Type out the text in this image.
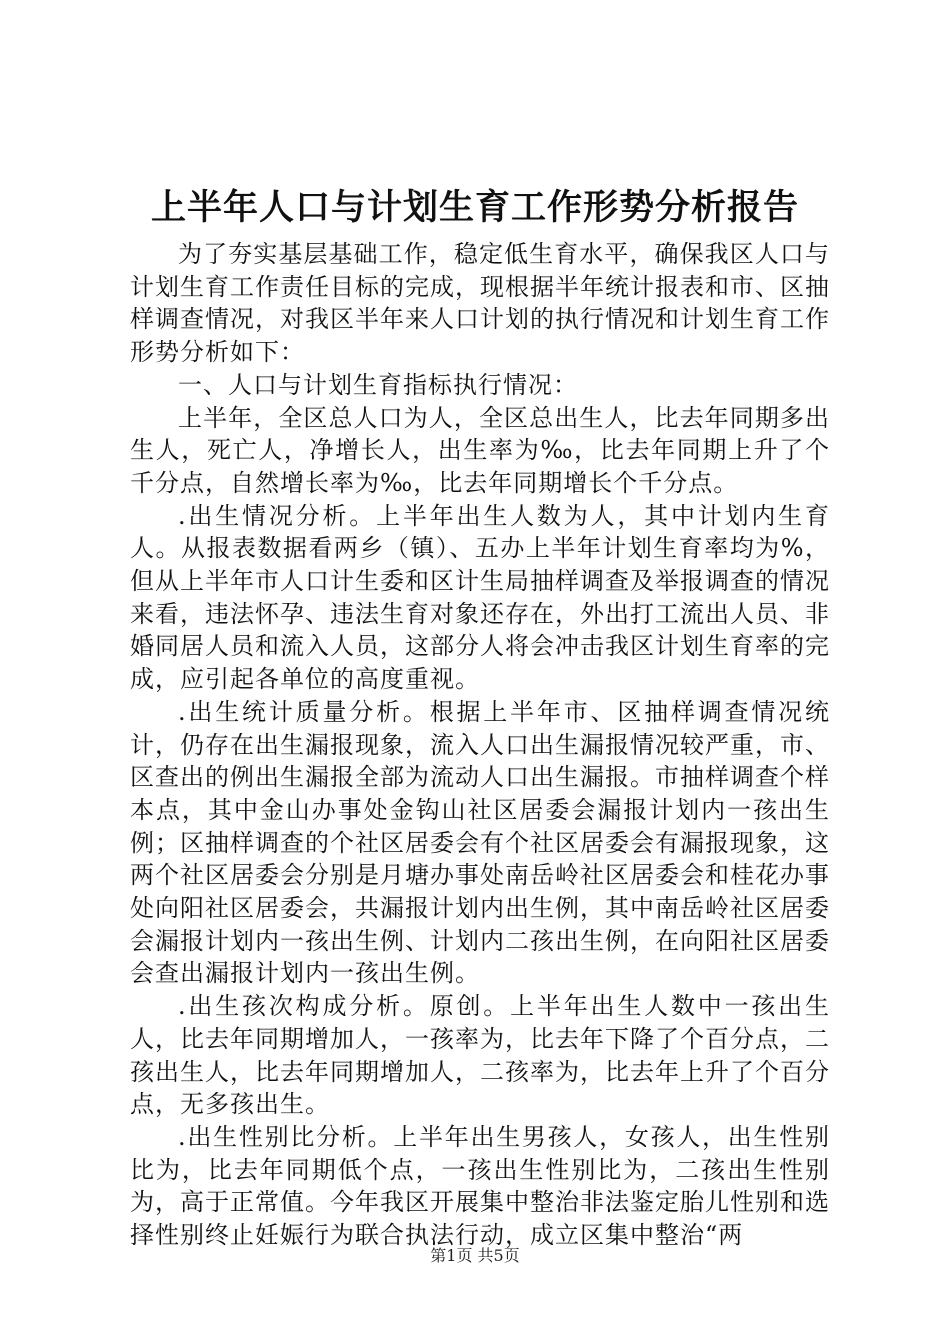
上半年人口与计划生育工作形势分析报告

为了夯实基层基础工作，稳定低生育水平，确保我区人口与计划生育工作责任目标的完成，现根据半年统计报表和市、区抽样调查情况，对我区半年来人口计划的执行情况和计划生育工作形势分析如下：

一、人口与计划生育指标执行情况：

上半年，全区总人口为人，全区总出生人，比去年同期多出生人，死亡人，净增长人，出生率为‰，比去年同期上升了个千分点，自然增长率为‰，比去年同期增长个千分点。

.出生情况分析。上半年出生人数为人，其中计划内生育人。从报表数据看两乡（镇）、五办上半年计划生育率均为%，但从上半年市人口计生委和区计生局抽样调查及举报调查的情况来看，违法怀孕、违法生育对象还存在，外出打工流出人员、非婚同居人员和流入人员，这部分人将会冲击我区计划生育率的完成，应引起各单位的高度重视。

.出生统计质量分析。根据上半年市、区抽样调查情况统计，仍存在出生漏报现象，流入人口出生漏报情况较严重，市、区查出的例出生漏报全部为流动人口出生漏报。市抽样调查个样本点，其中金山办事处金钩山社区居委会漏报计划内一孩出生例；区抽样调查的个社区居委会有个社区居委会有漏报现象，这两个社区居委会分别是月塘办事处南岳岭社区居委会和桂花办事处向阳社区居委会，共漏报计划内出生例，其中南岳岭社区居委会漏报计划内一孩出生例、计划内二孩出生例，在向阳社区居委会查出漏报计划内一孩出生例。

.出生孩次构成分析。原创。上半年出生人数中一孩出生人，比去年同期增加人，一孩率为，比去年下降了个百分点，二孩出生人，比去年同期增加人，二孩率为，比去年上升了个百分点，无多孩出生。

.出生性别比分析。上半年出生男孩人，女孩人，出生性别比为，比去年同期低个点，一孩出生性别比为，二孩出生性别为，高于正常值。今年我区开展集中整治非法鉴定胎儿性别和选择性别终止妊娠行为联合执法行动，成立区集中整治“两

第1页 共5页
